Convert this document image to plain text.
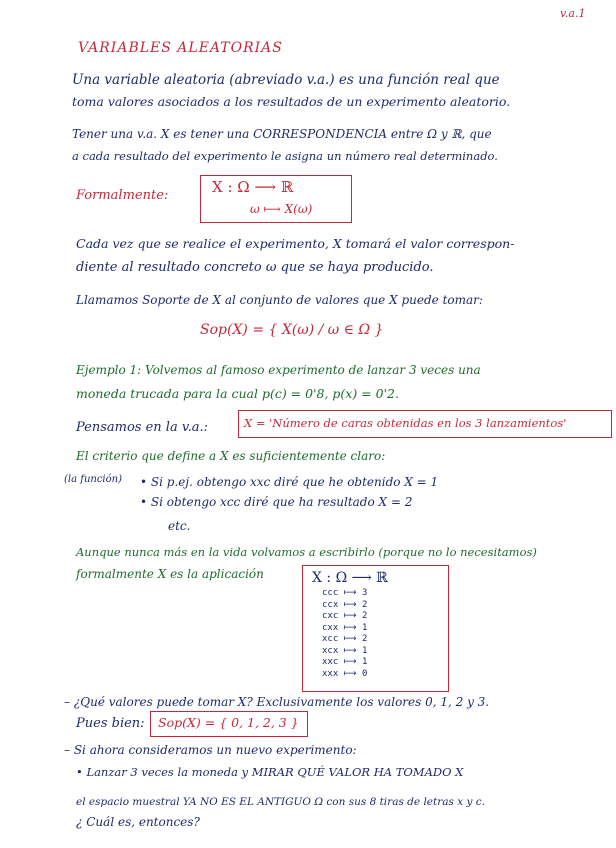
v.a.1
VARIABLES ALEATORIAS
Una variable aleatoria (abreviado v.a.) es una función real que
toma valores asociados a los resultados de un experimento aleatorio.
Tener una v.a. X es tener una CORRESPONDENCIA entre Ω y ℝ, que
a cada resultado del experimento le asigna un número real determinado.
Formalmente:	X : Ω ⟶ ℝ
ω ⟼ X(ω)
Cada vez que se realice el experimento, X tomará el valor correspon-
diente al resultado concreto ω que se haya producido.
Llamamos Soporte de X al conjunto de valores que X puede tomar:
Sop(X) = { X(ω) / ω ∈ Ω }
Ejemplo 1: Volvemos al famoso experimento de lanzar 3 veces una
moneda trucada para la cual p(c) = 0'8, p(x) = 0'2.
Pensamos en la v.a.:	X = 'Número de caras obtenidas en los 3 lanzamientos'
El criterio que define a X es suficientemente claro:
(la función) • Si p.ej. obtengo xxc diré que he obtenido X = 1
• Si obtengo xcc diré que ha resultado X = 2
etc.
Aunque nunca más en la vida volvamos a escribirlo (porque no lo necesitamos)
formalmente X es la aplicación	X : Ω ⟶ ℝ
ccc ⟼ 3
ccx ⟼ 2
cxc ⟼ 2
cxx ⟼ 1
xcc ⟼ 2
xcx ⟼ 1
xxc ⟼ 1
xxx ⟼ 0
– ¿Qué valores puede tomar X? Exclusivamente los valores 0, 1, 2 y 3.
Pues bien: Sop(X) = { 0, 1, 2, 3 }
– Si ahora consideramos un nuevo experimento:
• Lanzar 3 veces la moneda y MIRAR QUÉ VALOR HA TOMADO X
el espacio muestral YA NO ES EL ANTIGUO Ω con sus 8 tiras de letras x y c.
¿ Cuál es, entonces?
